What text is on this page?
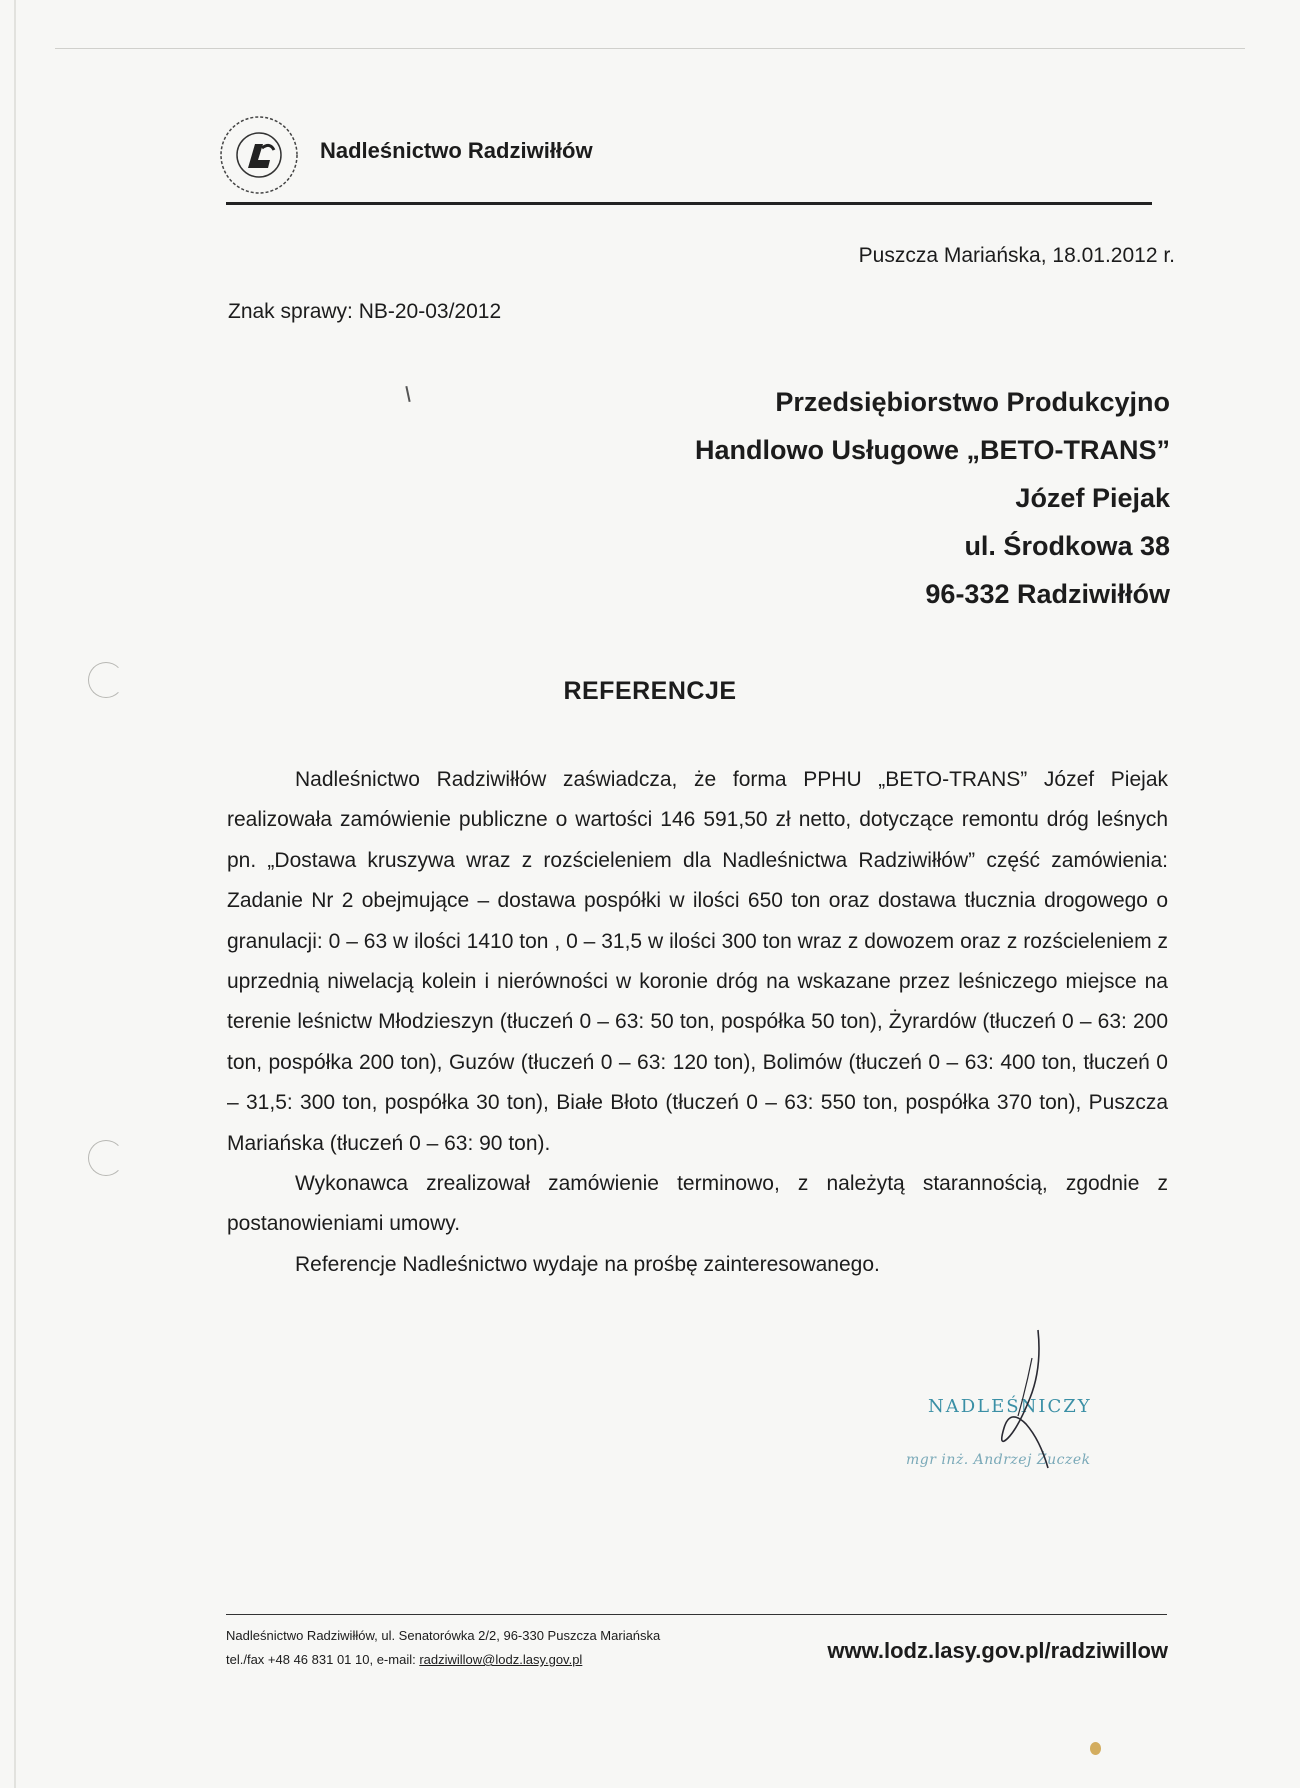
Nadleśnictwo Radziwiłłów
Puszcza Mariańska, 18.01.2012 r.
Znak sprawy: NB-20-03/2012
Przedsiębiorstwo Produkcyjno
Handlowo Usługowe „BETO-TRANS”
Józef Piejak
ul. Środkowa 38
96-332 Radziwiłłów
REFERENCJE

Nadleśnictwo Radziwiłłów zaświadcza, że forma PPHU „BETO-TRANS” Józef Piejak realizowała zamówienie publiczne o wartości 146 591,50 zł netto, dotyczące remontu dróg leśnych pn. „Dostawa kruszywa wraz z rozścieleniem dla Nadleśnictwa Radziwiłłów” część zamówienia: Zadanie Nr 2 obejmujące – dostawa pospółki w ilości 650 ton oraz dostawa tłucznia drogowego o granulacji: 0 – 63 w ilości 1410 ton , 0 – 31,5 w ilości 300 ton wraz z dowozem oraz z rozścieleniem z uprzednią niwelacją kolein i nierówności w koronie dróg na wskazane przez leśniczego miejsce na terenie leśnictw Młodzieszyn (tłuczeń 0 – 63: 50 ton, pospółka 50 ton), Żyrardów (tłuczeń 0 – 63: 200 ton, pospółka 200 ton), Guzów (tłuczeń 0 – 63: 120 ton), Bolimów (tłuczeń 0 – 63: 400 ton, tłuczeń 0 – 31,5: 300 ton, pospółka 30 ton), Białe Błoto (tłuczeń 0 – 63: 550 ton, pospółka 370 ton), Puszcza Mariańska (tłuczeń 0 – 63: 90 ton).

Wykonawca zrealizował zamówienie terminowo, z należytą starannością, zgodnie z postanowieniami umowy.

Referencje Nadleśnictwo wydaje na prośbę zainteresowanego.

NADLEŚNICZY
mgr inż. Andrzej Żuczek
Nadleśnictwo Radziwiłłów, ul. Senatorówka 2/2, 96-330 Puszcza Mariańska
tel./fax +48 46 831 01 10, e-mail: radziwillow@lodz.lasy.gov.pl	www.lodz.lasy.gov.pl/radziwillow
